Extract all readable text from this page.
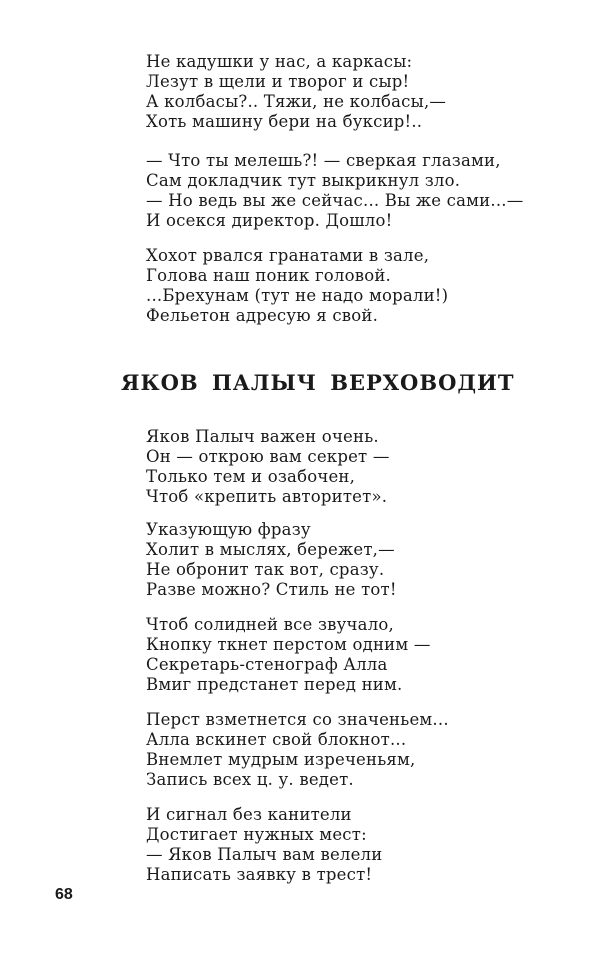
Не кадушки у нас, а каркасы:
Лезут в щели и творог и сыр!
А колбасы?.. Тяжи, не колбасы,—
Хоть машину бери на буксир!..
— Что ты мелешь?! — сверкая глазами,
Сам докладчик тут выкрикнул зло.
— Но ведь вы же сейчас... Вы же сами...—
И осекся директор. Дошло!
Хохот рвался гранатами в зале,
Голова наш поник головой.
...Брехунам (тут не надо морали!)
Фельетон адресую я свой.
ЯКОВ ПАЛЫЧ ВЕРХОВОДИТ
Яков Палыч важен очень.
Он — открою вам секрет —
Только тем и озабочен,
Чтоб «крепить авторитет».
Указующую фразу
Холит в мыслях, бережет,—
Не обронит так вот, сразу.
Разве можно? Стиль не тот!
Чтоб солидней все звучало,
Кнопку ткнет перстом одним —
Секретарь-стенограф Алла
Вмиг предстанет перед ним.
Перст взметнется со значеньем...
Алла вскинет свой блокнот...
Внемлет мудрым изреченьям,
Запись всех ц. у. ведет.
И сигнал без канители
Достигает нужных мест:
— Яков Палыч вам велели
Написать заявку в трест!
68
